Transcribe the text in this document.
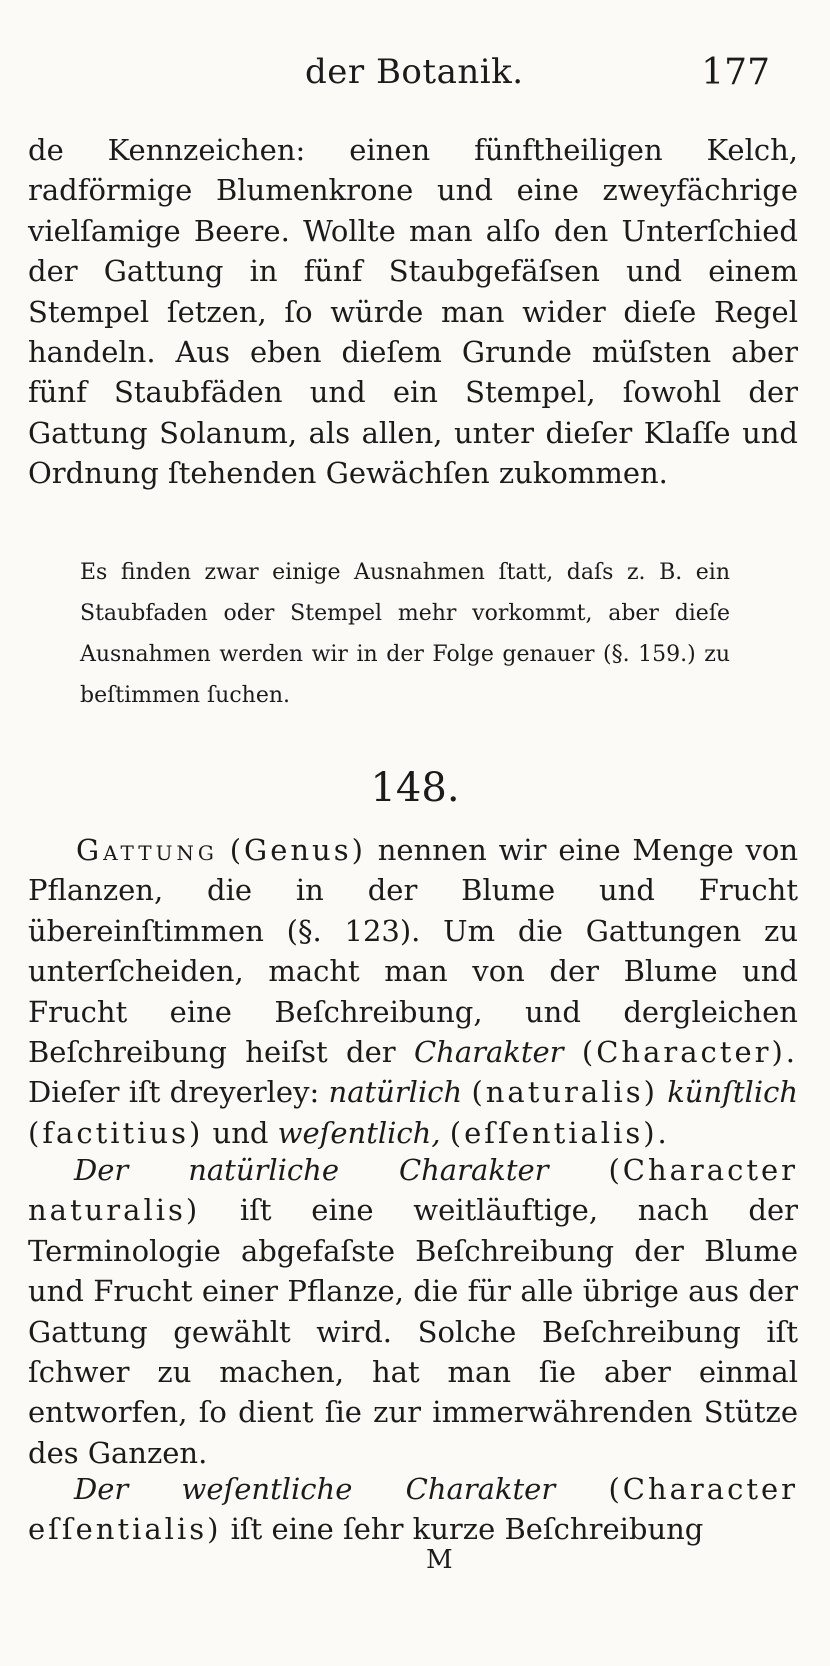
der Botanik.	177

de Kennzeichen: einen fünftheiligen Kelch, radförmige Blumenkrone und eine zweyfächrige vielſamige Beere. Wollte man alſo den Unterſchied der Gattung in fünf Staubgefäſsen und einem Stempel ſetzen, ſo würde man wider dieſe Regel handeln. Aus eben dieſem Grunde müſsten aber fünf Staubfäden und ein Stempel, ſowohl der Gattung Solanum, als allen, unter dieſer Klaſſe und Ordnung ſtehenden Gewächſen zukommen.

Es finden zwar einige Ausnahmen ſtatt, daſs z. B. ein Staubfaden oder Stempel mehr vorkommt, aber dieſe Ausnahmen werden wir in der Folge genauer (§. 159.) zu beſtimmen ſuchen.

148.

Gattung (Genus) nennen wir eine Menge von Pflanzen, die in der Blume und Frucht übereinſtimmen (§. 123). Um die Gattungen zu unterſcheiden, macht man von der Blume und Frucht eine Beſchreibung, und dergleichen Beſchreibung heiſst der Charakter (Character). Dieſer iſt dreyerley: natürlich (naturalis) künſtlich (factitius) und weſentlich, (eſſentialis).

Der natürliche Charakter (Character naturalis) iſt eine weitläuftige, nach der Terminologie abgefaſste Beſchreibung der Blume und Frucht einer Pflanze, die für alle übrige aus der Gattung gewählt wird. Solche Beſchreibung iſt ſchwer zu machen, hat man ſie aber einmal entworfen, ſo dient ſie zur immerwährenden Stütze des Ganzen.

Der weſentliche Charakter (Character eſſentialis) iſt eine ſehr kurze Beſchreibung

M
